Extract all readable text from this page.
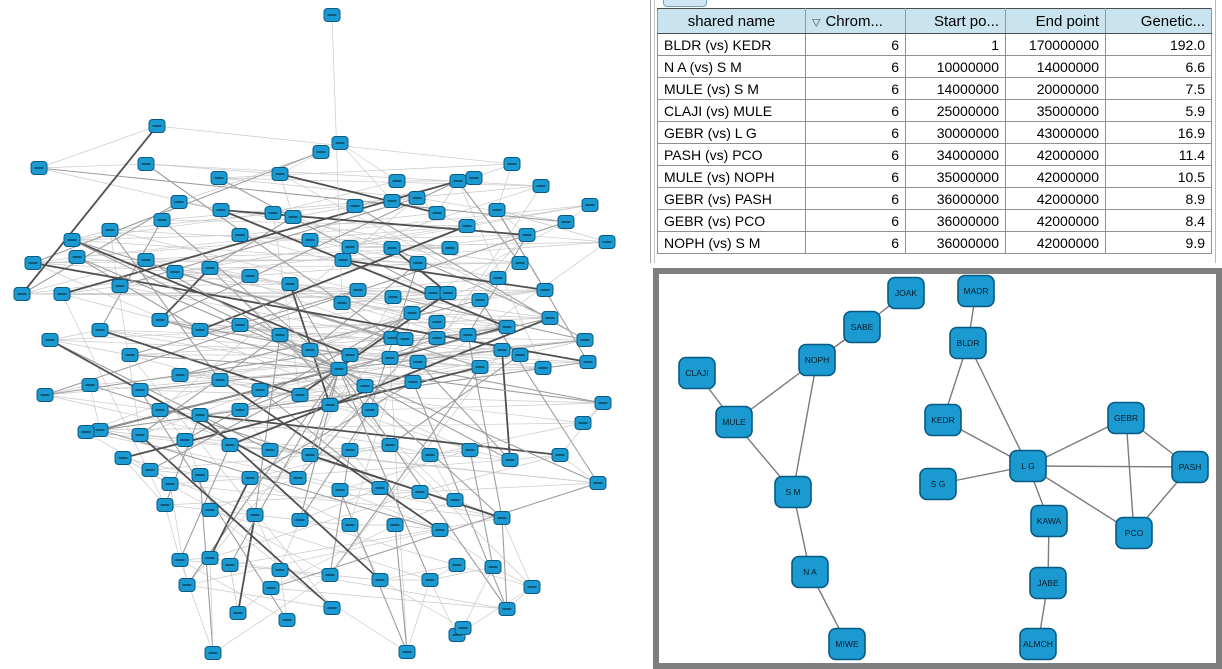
shared name	▽ Chrom...	Start po...	End point	Genetic...
BLDR (vs) KEDR	6	1	170000000	192.0
N A (vs) S M	6	10000000	14000000	6.6
MULE (vs) S M	6	14000000	20000000	7.5
CLAJI (vs) MULE	6	25000000	35000000	5.9
GEBR (vs) L G	6	30000000	43000000	16.9
PASH (vs) PCO	6	34000000	42000000	11.4
MULE (vs) NOPH	6	35000000	42000000	10.5
GEBR (vs) PASH	6	36000000	42000000	8.9
GEBR (vs) PCO	6	36000000	42000000	8.4
NOPH (vs) S M	6	36000000	42000000	9.9
JOAK	MADR
SABE
BLDR
NOPH
CLAJI
KEDR
MULE	GEBR
L G	PASH
S G
S M
KAWA
PCO
N A
JABE
ALMCH
MIWE
